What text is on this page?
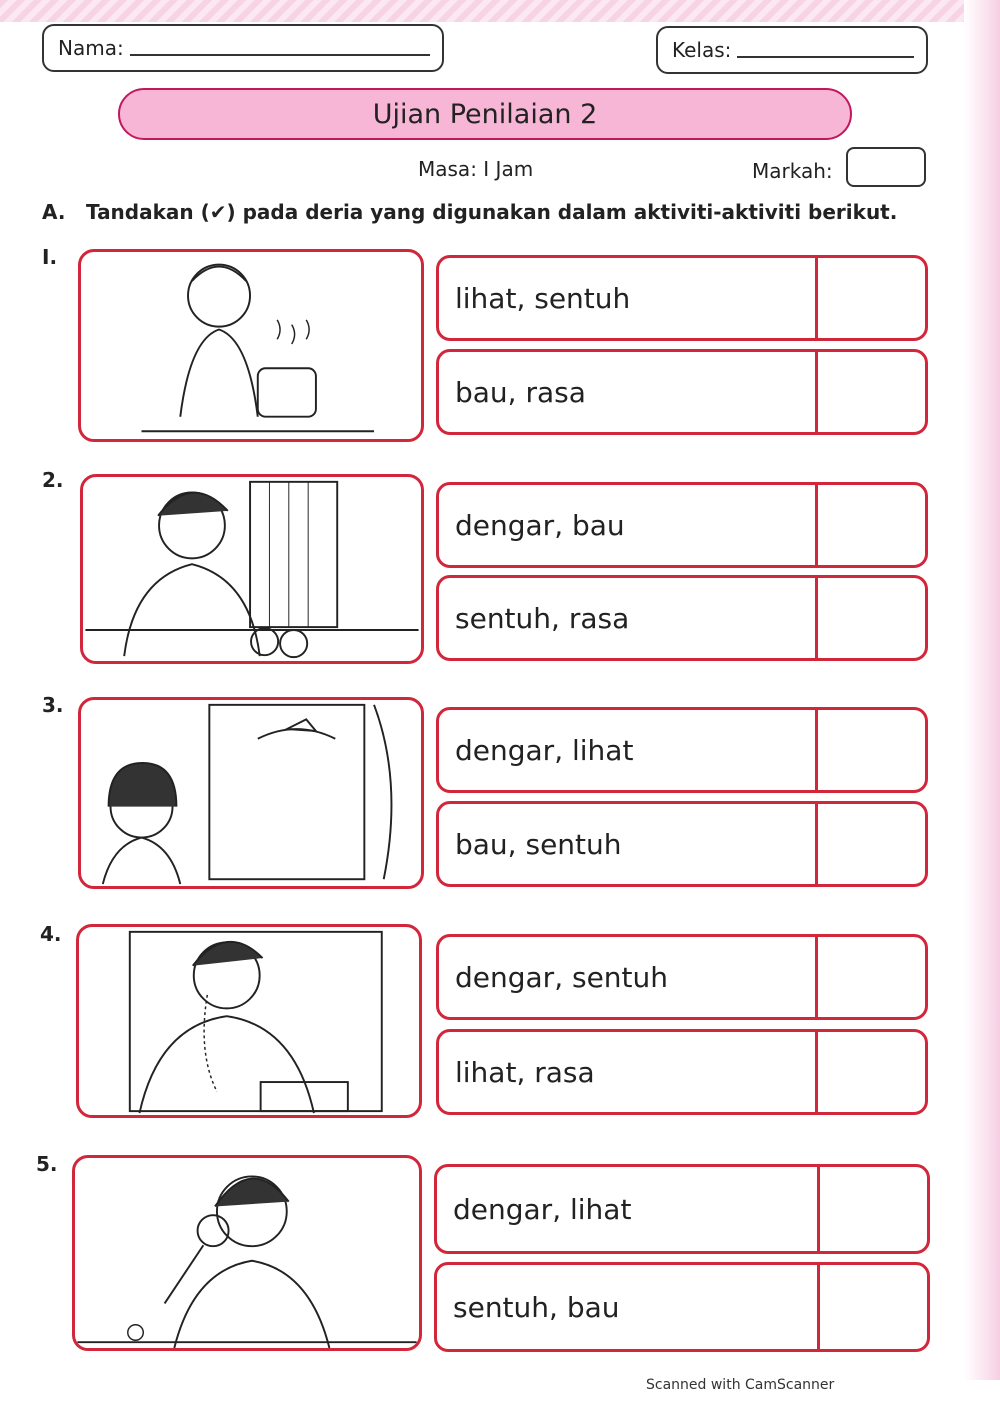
Nama:	Kelas:
Ujian Penilaian 2
Masa: I Jam	Markah:
A. Tandakan (✔) pada deria yang digunakan dalam aktiviti-aktiviti berikut.
I.
lihat, sentuh
bau, rasa
2.
dengar, bau
sentuh, rasa
3.
dengar, lihat
bau, sentuh
4.
dengar, sentuh
lihat, rasa
5.
dengar, lihat
sentuh, bau
Scanned with CamScanner
